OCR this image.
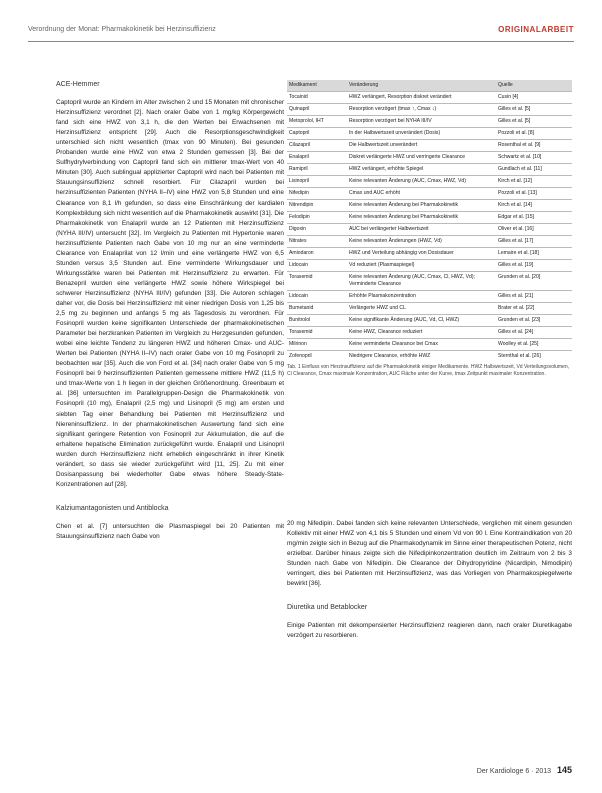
Verordnung der Monat: Pharmakokinetik bei Herzinsuffizienz	ORIGINALARBEIT
ACE-Hemmer

Captopril wurde an Kindern im Alter zwischen 2 und 15 Monaten mit chronischer Herzinsuffizienz verordnet [2]. Nach oraler Gabe von 1 mg/kg Körpergewicht fand sich eine HWZ von 3,1 h, die den Werten bei Erwachsenen mit Herzinsuffizienz entspricht [29]. Auch die Resorptionsgeschwindigkeit unterschied sich nicht wesentlich (tmax von 90 Minuten). Bei gesunden Probanden wurde eine HWZ von etwa 2 Stunden gemessen [3]. Bei der Sulfhydrylverbindung von Captopril fand sich ein mittlerer tmax-Wert von 40 Minuten [30]. Auch sublingual applizierter Captopril wird nach bei Patienten mit Stauungsinsuffizienz schnell resorbiert. Für Cilazapril wurden bei herzinsuffizienten Patienten (NYHA II–IV) eine HWZ von 5,8 Stunden und eine Clearance von 8,1 l/h gefunden, so dass eine Einschränkung der kardialen Komplexbildung sich nicht wesentlich auf die Pharmakokinetik auswirkt [31]. Die Pharmakokinetik von Enalapril wurde an 12 Patienten mit Herzinsuffizienz (NYHA III/IV) untersucht [32]. Im Vergleich zu Patienten mit Hypertonie waren herzinsuffiziente Patienten nach Gabe von 10 mg nur an eine verminderte Clearance von Enalaprilat von 12 l/min und eine verlängerte HWZ von 6,5 Stunden versus 3,5 Stunden auf. Eine verminderte Wirkungsdauer und Wirkungsstärke waren bei Patienten mit Herzinsuffizienz zu erwarten. Für Benazepril wurden eine verlängerte HWZ sowie höhere Wirkspiegel bei schwerer Herzinsuffizienz (NYHA III/IV) gefunden [33]. Die Autoren schlagen daher vor, die Dosis bei Herzinsuffizienz mit einer niedrigen Dosis von 1,25 bis 2,5 mg zu beginnen und anfangs 5 mg als Tagesdosis zu verordnen. Für Fosinopril wurden keine signifikanten Unterschiede der pharmakokinetischen Parameter bei herzkranken Patienten im Vergleich zu Herzgesunden gefunden, wobei eine leichte Tendenz zu längeren HWZ und höheren Cmax- und AUC-Werten bei Patienten (NYHA II–IV) nach oraler Gabe von 10 mg Fosinopril zu beobachten war [35]. Auch die von Ford et al. [34] nach oraler Gabe von 5 mg Fosinopril bei 9 herzinsuffizienten Patienten gemessene mittlere HWZ (11,5 h) und tmax-Werte von 1 h liegen in der gleichen Größenordnung. Greenbaum et al. [36] untersuchten im Parallelgruppen-Design die Pharmakokinetik von Fosinopril (10 mg), Enalapril (2,5 mg) und Lisinopril (5 mg) am ersten und siebten Tag einer Behandlung bei Patienten mit Herzinsuffizienz und Niereninsuffizienz. In der pharmakokinetischen Auswertung fand sich eine signifikant geringere Retention von Fosinopril zur Akkumulation, die auf die erhaltene hepatische Elimination zurückgeführt wurde. Enalapril und Lisinopril wurden durch Herzinsuffizienz nicht erheblich eingeschränkt in ihrer Kinetik verändert, so dass sie wieder zurückgeführt wird [11, 25]. Zu mit einer Dosisanpassung bei wiederholter Gabe etwas höhere Steady-State-Konzentrationen auf [28].

Kalziumantagonisten und Antiblocka

Chen et al. [7] untersuchten die Plasmaspiegel bei 20 Patienten mit Stauungsinsuffizienz nach Gabe von

Medikament	Veränderung	Quelle
Tocainid	HWZ verlängert, Resorption diskret verändert	Cusin [4]
Quinapril	Resorption verzögert (tmax ↑, Cmax ↓)	Gilles et al. [5]
Metoprolol, IHT	Resorption verzögert bei NYHA III/IV	Gilles et al. [5]
Captopril	In der Halbwertszeit unverändert (Dosis)	Pozzoli et al. [8]
Cilazapril	Die Halbwertszeit unverändert	Rosenthal et al. [9]
Enalapril	Diskret verlängerte HWZ und verringerte Clearance	Schwartz et al. [10]
Ramipril	HWZ verlängert, erhöhte Spiegel	Gundlach et al. [11]
Lisinopril	Keine relevanten Änderung (AUC, Cmax, HWZ, Vd)	Kirch et al. [12]
Nifedipin	Cmax und AUC erhöht	Pozzoli et al. [13]
Nitrendipin	Keine relevanten Änderung bei Pharmakokinetik	Kirch et al. [14]
Felodipin	Keine relevanten Änderung bei Pharmakokinetik	Edgar et al. [15]
Digoxin	AUC bei verlängerter Halbwertszeit	Oliver et al. [16]
Nitrates	Keine relevanten Änderungen (HWZ, Vd)	Gilles et al. [17]
Amiodaron	HWZ und Verteilung abhängig von Dosisdauer	Lemaire et al. [18]
Lidocain	Vd reduziert (Plasmaspiegel)	Gilles et al. [19]
Torasemid	Keine relevanten Änderung (AUC, Cmax, Cl, HWZ, Vd); Verminderte Clearance	Grunden et al. [20]
Lidocain	Erhöhte Plasmakonzentration	Gilles et al. [21]
Bumetanid	Verlängerte HWZ und CL	Brater et al. [22]
Bunitrolol	Keine signifikante Änderung (AUC, Vd, Cl, HWZ)	Grunden et al. [23]
Torasemid	Keine HWZ, Clearance reduziert	Gilles et al. [24]
Milrinon	Keine verminderte Clearance bei Cmax	Woolley et al. [25]
Zofenopril	Niedrigere Clearance, erhöhte HWZ	Sternthal et al. [26]
Tab. 1 Einfluss von Herzinsuffizienz auf die Pharmakokinetik einiger Medikamente. HWZ Halbwertszeit, Vd Verteilungsvolumen, Cl Clearance, Cmax maximale Konzentration, AUC Fläche unter der Kurve, tmax Zeitpunkt maximaler Konzentration.

20 mg Nifedipin. Dabei fanden sich keine relevanten Unterschiede, verglichen mit einem gesunden Kollektiv mit einer HWZ von 4,1 bis 5 Stunden und einem Vd von 90 l. Eine Kontraindikation von 20 mg/min zeigte sich in Bezug auf die Pharmakodynamik im Sinne einer therapeutischen Potenz, nicht erzielbar. Darüber hinaus zeigte sich die Nifedipinkonzentration deutlich im Zeitraum von 2 bis 3 Stunden nach Gabe von Nifedipin. Die Clearance der Dihydropyridine (Nicardipin, Nimodipin) verringert, dies bei Patienten mit Herzinsuffizienz, was das Vorliegen von Pharmakospiegelwerte bewirkt [36].

Diuretika und Betablocker

Einige Patienten mit dekompensierter Herzinsuffizienz reagieren dann, nach oraler Diuretikagabe verzögert zu resorbieren.

Der Kardiologe 6 · 2013 145
